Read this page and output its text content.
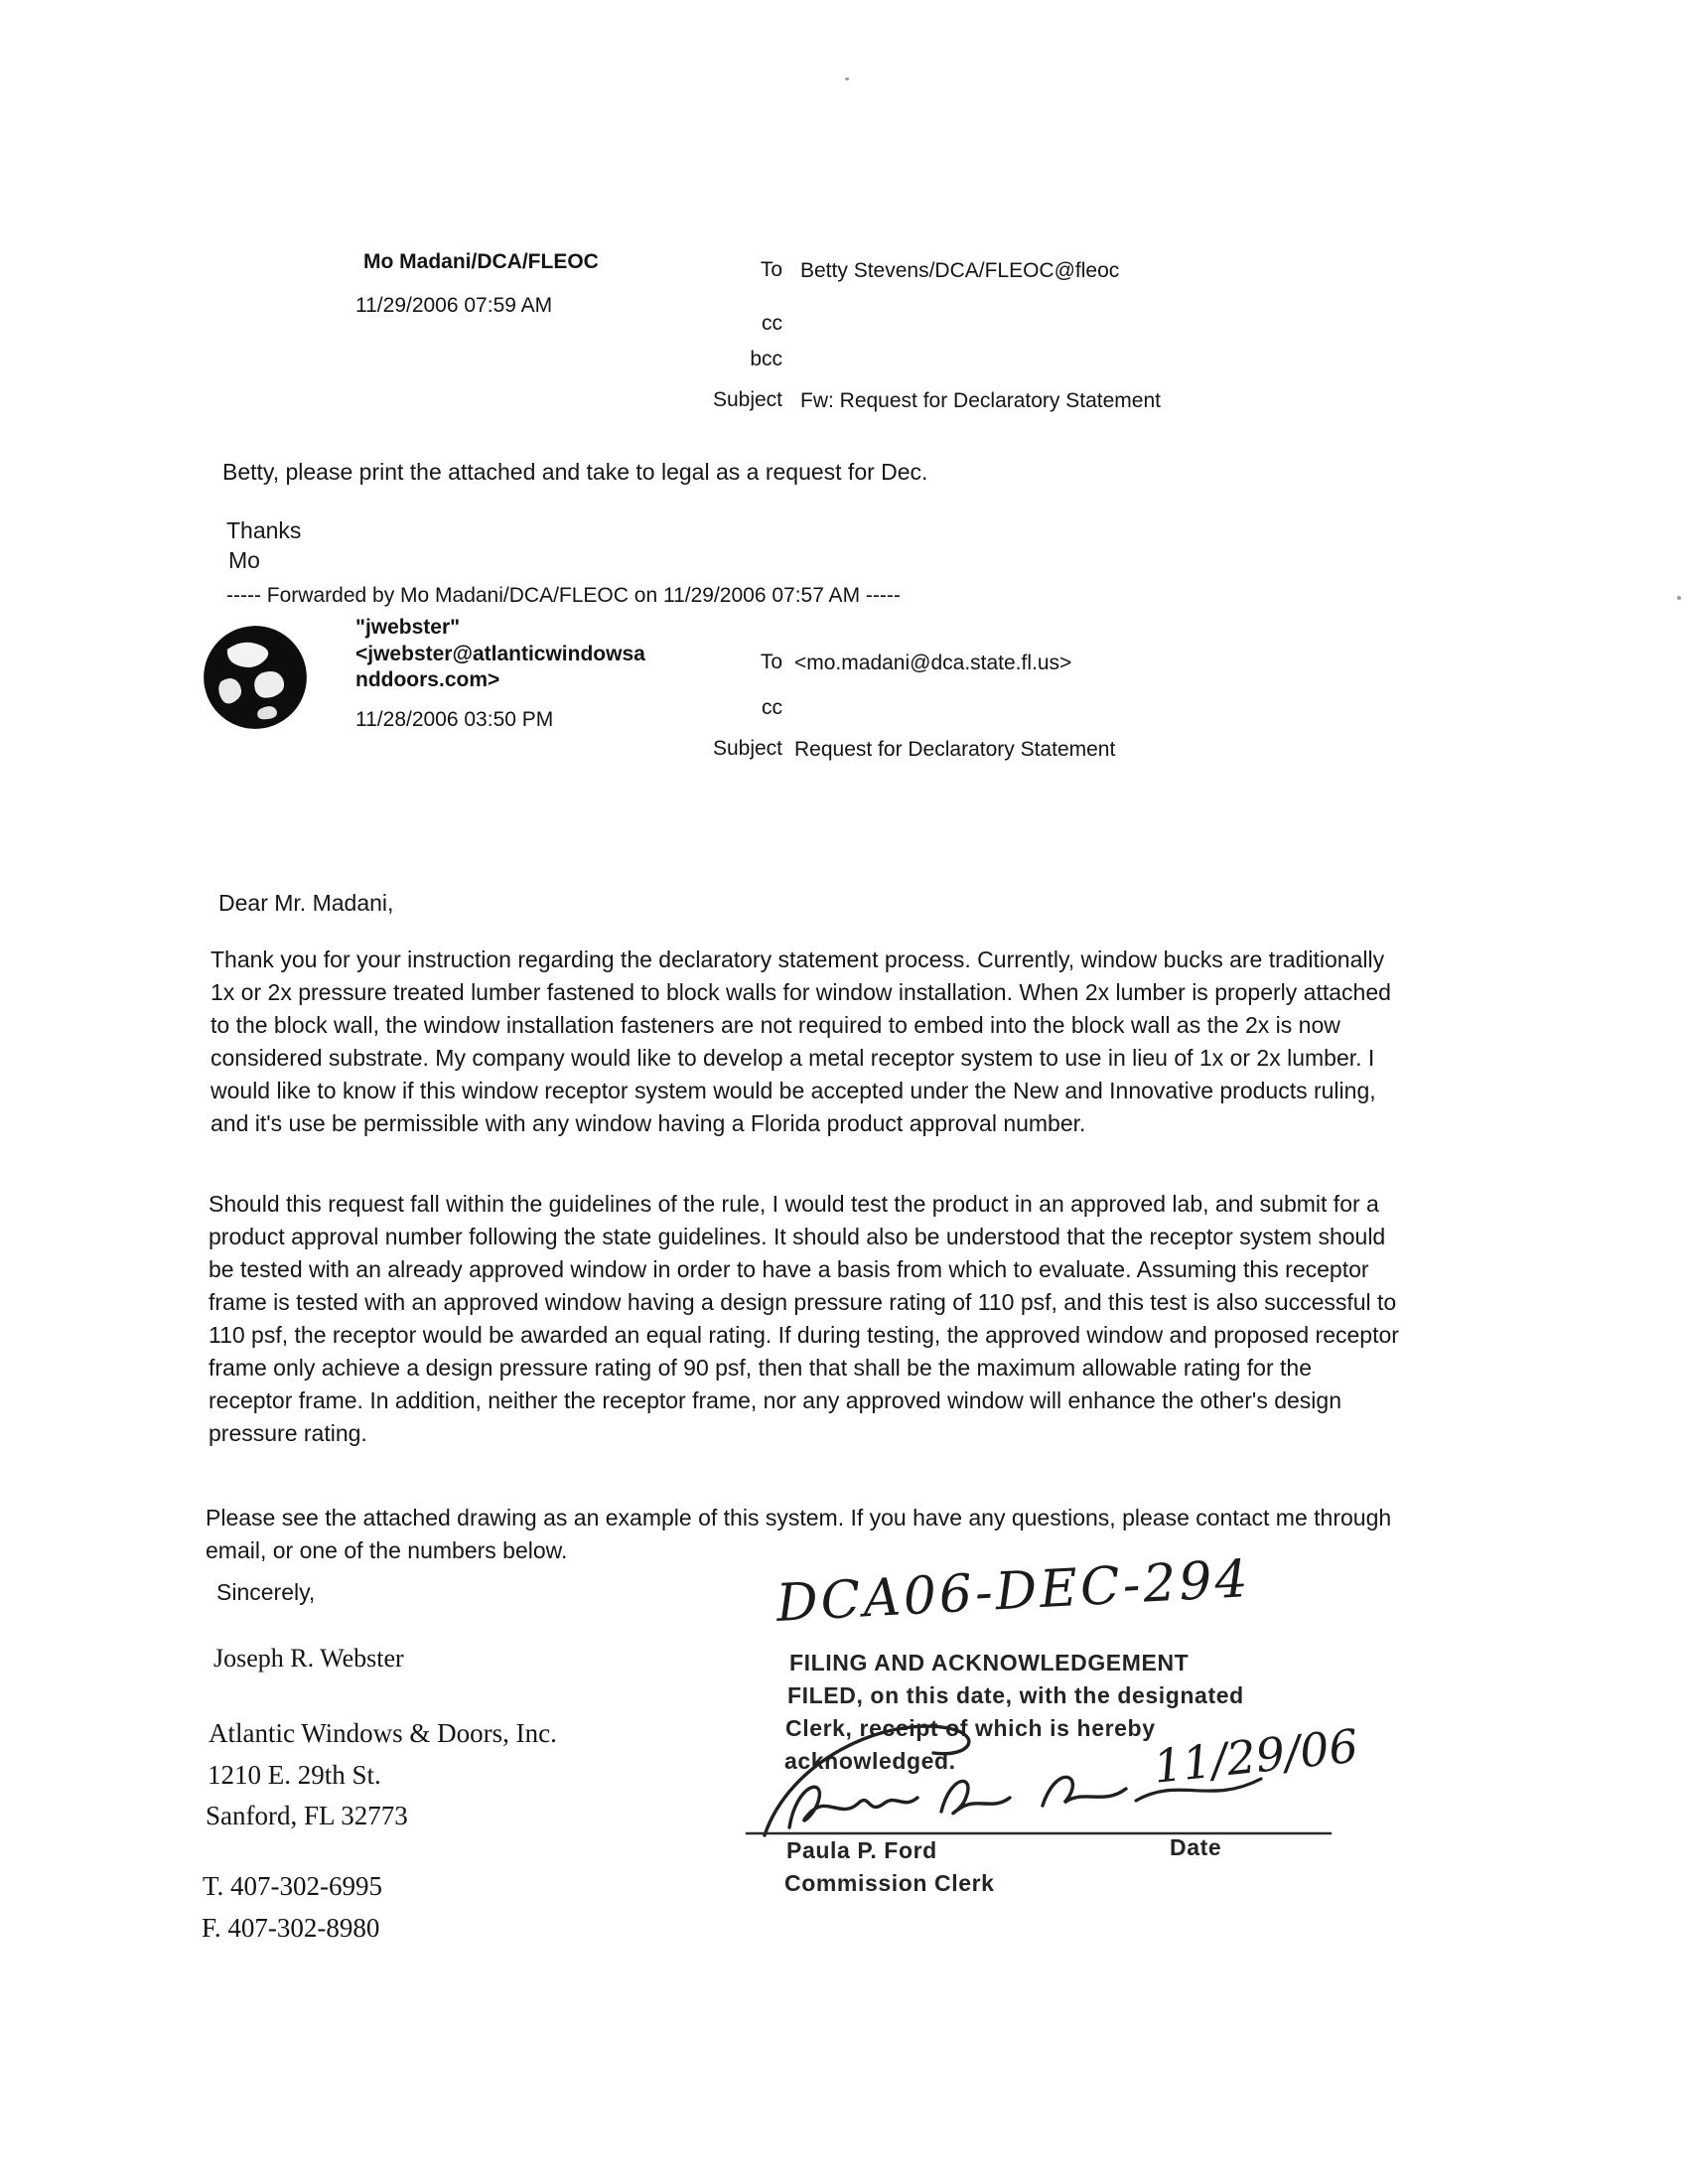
Mo Madani/DCA/FLEOC
11/29/2006 07:59 AM
To Betty Stevens/DCA/FLEOC@fleoc
cc
bcc
Subject Fw: Request for Declaratory Statement
Betty, please print the attached and take to legal as a request for Dec.
Thanks
Mo
----- Forwarded by Mo Madani/DCA/FLEOC on 11/29/2006 07:57 AM -----
"jwebster"
<jwebster@atlanticwindowsa
nddoors.com>
11/28/2006 03:50 PM
To <mo.madani@dca.state.fl.us>
cc
Subject Request for Declaratory Statement
Dear Mr. Madani,
Thank you for your instruction regarding the declaratory statement process. Currently, window bucks are traditionally 1x or 2x pressure treated lumber fastened to block walls for window installation. When 2x lumber is properly attached to the block wall, the window installation fasteners are not required to embed into the block wall as the 2x is now considered substrate. My company would like to develop a metal receptor system to use in lieu of 1x or 2x lumber. I would like to know if this window receptor system would be accepted under the New and Innovative products ruling, and it's use be permissible with any window having a Florida product approval number.
Should this request fall within the guidelines of the rule, I would test the product in an approved lab, and submit for a product approval number following the state guidelines. It should also be understood that the receptor system should be tested with an already approved window in order to have a basis from which to evaluate. Assuming this receptor frame is tested with an approved window having a design pressure rating of 110 psf, and this test is also successful to 110 psf, the receptor would be awarded an equal rating. If during testing, the approved window and proposed receptor frame only achieve a design pressure rating of 90 psf, then that shall be the maximum allowable rating for the receptor frame. In addition, neither the receptor frame, nor any approved window will enhance the other's design pressure rating.
Please see the attached drawing as an example of this system. If you have any questions, please contact me through email, or one of the numbers below.
Sincerely,
Joseph R. Webster
Atlantic Windows & Doors, Inc.
1210 E. 29th St.
Sanford, FL 32773
T. 407-302-6995
F. 407-302-8980
DCA06-DEC-294
FILING AND ACKNOWLEDGEMENT
FILED, on this date, with the designated
Clerk, receipt of which is hereby
acknowledged.	11/29/06
Paula P. Ford	Date
Commission Clerk
